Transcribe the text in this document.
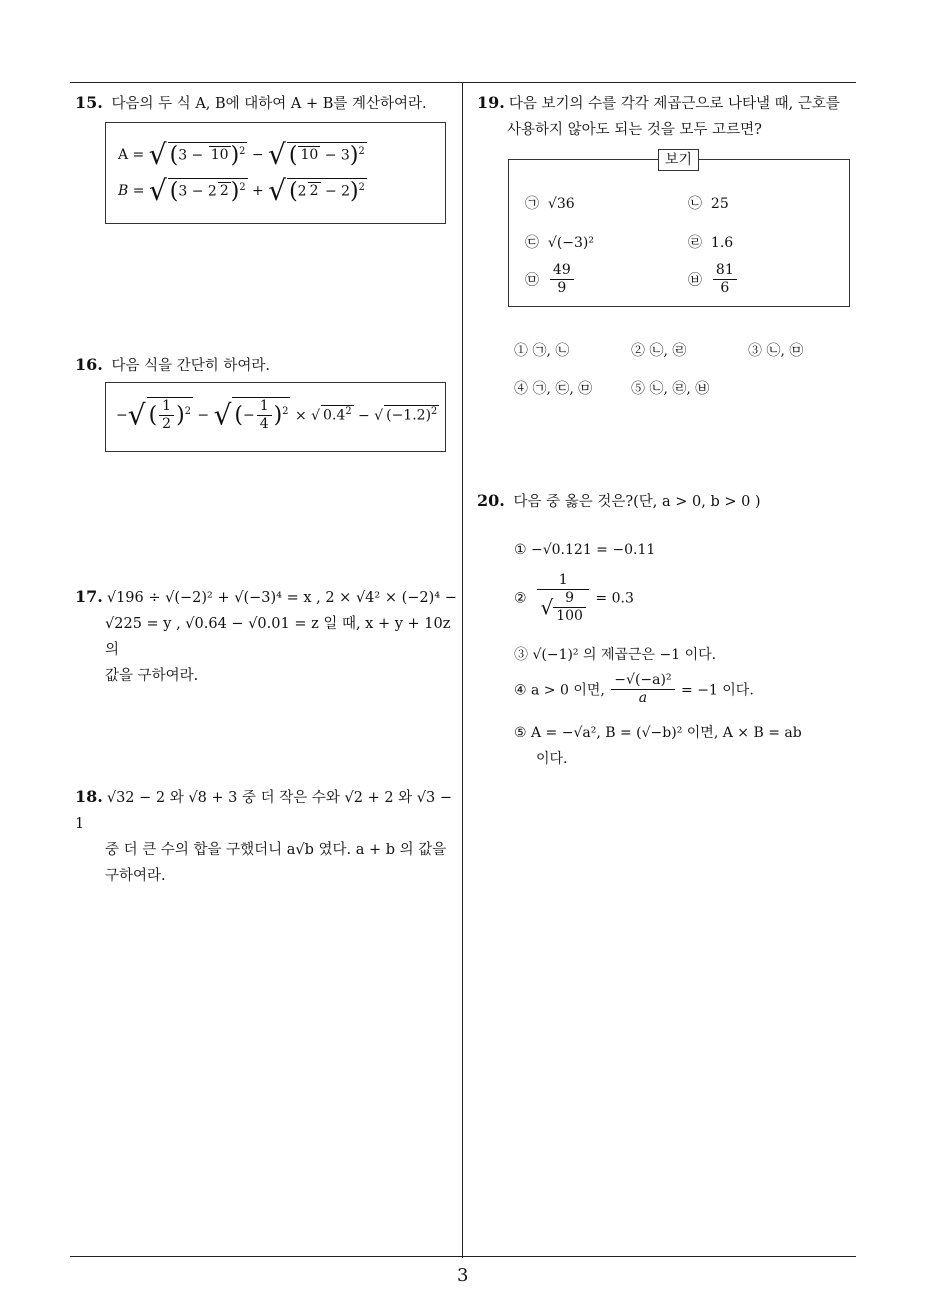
15. 다음의 두 식 A, B에 대하여 A + B를 계산하여라.
A = √ $(3 - 10)^2$ − √ ( 10 − 3)$^2$
B = √ (3 − 2 2)$^2$ + √ (2 2 − 2)$^2$
16. 다음 식을 간단히 하여라.
−√ ( $\frac{1}{2} )^2$ − √ (− $\frac{1}{4} )^2$ × √ $0.4^2$ − √ $(-1.2)^2$
17. √196 ÷ √(−2)² + √(−3)⁴ = x , 2 × √4² × (−2)⁴ −
√225 = y , √0.64 − √0.01 = z 일 때, x + y + 10z 의
값을 구하여라.
18. √32 − 2 와 √8 + 3 중 더 작은 수와 √2 + 2 와 √3 − 1
중 더 큰 수의 합을 구했더니 a√b 였다. a + b 의 값을
구하여라.
19. 다음 보기의 수를 각각 제곱근으로 나타낼 때, 근호를
사용하지 않아도 되는 것을 모두 고르면?
보기
㉠ √36	㉡ 25
㉢ √(−3)²	㉣ 1.6
㉤ $\frac{49}{9}$	㉥ $\frac{81}{6}$
① ㉠, ㉡	② ㉡, ㉣	③ ㉡, ㉤
④ ㉠, ㉢, ㉤	⑤ ㉡, ㉣, ㉥
20. 다음 중 옳은 것은?(단, a > 0, b > 0 )
① −√0.121 = −0.11
② $\frac{1}{√ \frac{9}{100}} = 0.3$
③ √(−1)² 의 제곱근은 −1 이다.
④ a > 0 이면, $\frac{\text{−√(−a)²}}{a} = -1$ 이다.
⑤ A = −√a², B = (√−b)² 이면, A × B = ab
이다.
3
